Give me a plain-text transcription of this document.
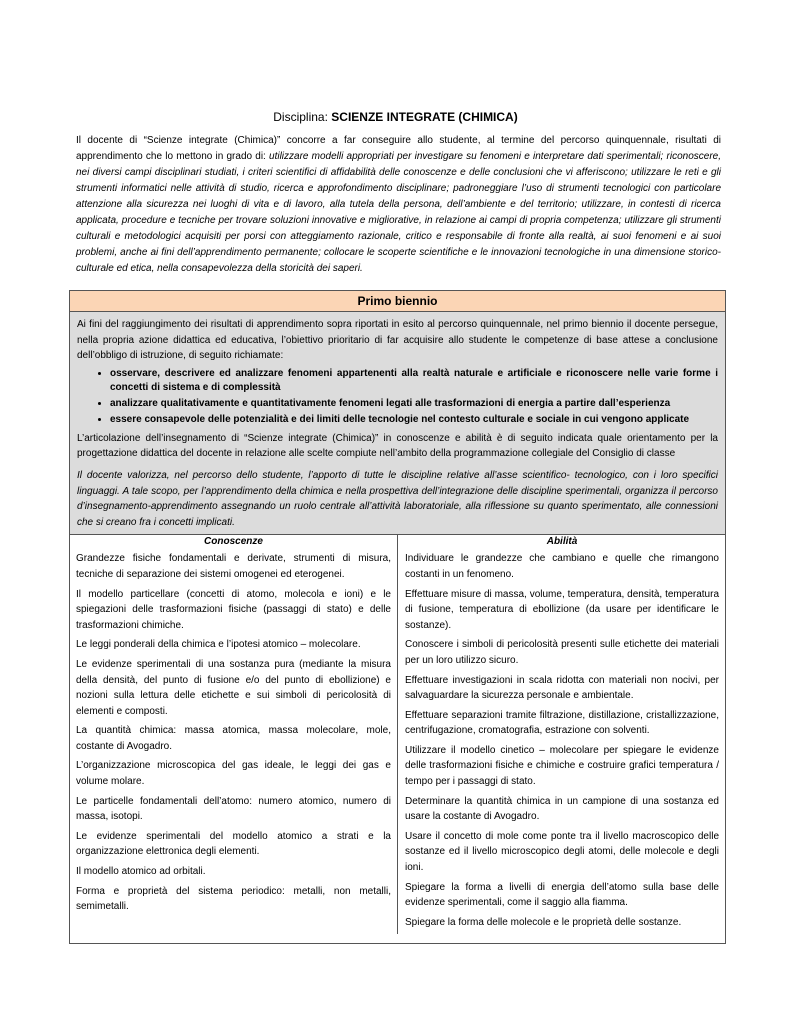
Disciplina: SCIENZE INTEGRATE (CHIMICA)
Il docente di “Scienze integrate (Chimica)” concorre a far conseguire allo studente, al termine del percorso quinquennale, risultati di apprendimento che lo mettono in grado di: utilizzare modelli appropriati per investigare su fenomeni e interpretare dati sperimentali; riconoscere, nei diversi campi disciplinari studiati, i criteri scientifici di affidabilità delle conoscenze e delle conclusioni che vi afferiscono; utilizzare le reti e gli strumenti informatici nelle attività di studio, ricerca e approfondimento disciplinare; padroneggiare l’uso di strumenti tecnologici con particolare attenzione alla sicurezza nei luoghi di vita e di lavoro, alla tutela della persona, dell’ambiente e del territorio; utilizzare, in contesti di ricerca applicata, procedure e tecniche per trovare soluzioni innovative e migliorative, in relazione ai campi di propria competenza; utilizzare gli strumenti culturali e metodologici acquisiti per porsi con atteggiamento razionale, critico e responsabile di fronte alla realtà, ai suoi fenomeni e ai suoi problemi, anche ai fini dell’apprendimento permanente; collocare le scoperte scientifiche e le innovazioni tecnologiche in una dimensione storico-culturale ed etica, nella consapevolezza della storicità dei saperi.
Primo biennio

Ai fini del raggiungimento dei risultati di apprendimento sopra riportati in esito al percorso quinquennale, nel primo biennio il docente persegue, nella propria azione didattica ed educativa, l’obiettivo prioritario di far acquisire allo studente le competenze di base attese a conclusione dell’obbligo di istruzione, di seguito richiamate:

• osservare, descrivere ed analizzare fenomeni appartenenti alla realtà naturale e artificiale e riconoscere nelle varie forme i concetti di sistema e di complessità
• analizzare qualitativamente e quantitativamente fenomeni legati alle trasformazioni di energia a partire dall’esperienza
• essere consapevole delle potenzialità e dei limiti delle tecnologie nel contesto culturale e sociale in cui vengono applicate

L’articolazione dell’insegnamento di “Scienze integrate (Chimica)” in conoscenze e abilità è di seguito indicata quale orientamento per la progettazione didattica del docente in relazione alle scelte compiute nell’ambito della programmazione collegiale del Consiglio di classe

Il docente valorizza, nel percorso dello studente, l’apporto di tutte le discipline relative all’asse scientifico- tecnologico, con i loro specifici linguaggi. A tale scopo, per l’apprendimento della chimica e nella prospettiva dell’integrazione delle discipline sperimentali, organizza il percorso d’insegnamento-apprendimento assegnando un ruolo centrale all’attività laboratoriale, alla riflessione su quanto sperimentato, alle connessioni che si creano fra i concetti implicati.

Conoscenze
Grandezze fisiche fondamentali e derivate, strumenti di misura, tecniche di separazione dei sistemi omogenei ed eterogenei.
Il modello particellare (concetti di atomo, molecola e ioni) e le spiegazioni delle trasformazioni fisiche (passaggi di stato) e delle trasformazioni chimiche.
Le leggi ponderali della chimica e l’ipotesi atomico – molecolare.
Le evidenze sperimentali di una sostanza pura (mediante la misura della densità, del punto di fusione e/o del punto di ebollizione) e nozioni sulla lettura delle etichette e sui simboli di pericolosità di elementi e composti.
La quantità chimica: massa atomica, massa molecolare, mole, costante di Avogadro.
L’organizzazione microscopica del gas ideale, le leggi dei gas e volume molare.
Le particelle fondamentali dell’atomo: numero atomico, numero di massa, isotopi.
Le evidenze sperimentali del modello atomico a strati e la organizzazione elettronica degli elementi.
Il modello atomico ad orbitali.
Forma e proprietà del sistema periodico: metalli, non metalli, semimetalli.
Abilità
Individuare le grandezze che cambiano e quelle che rimangono costanti in un fenomeno.
Effettuare misure di massa, volume, temperatura, densità, temperatura di fusione, temperatura di ebollizione (da usare per identificare le sostanze).
Conoscere i simboli di pericolosità presenti sulle etichette dei materiali per un loro utilizzo sicuro.
Effettuare investigazioni in scala ridotta con materiali non nocivi, per salvaguardare la sicurezza personale e ambientale.
Effettuare separazioni tramite filtrazione, distillazione, cristallizzazione, centrifugazione, cromatografia, estrazione con solventi.
Utilizzare il modello cinetico – molecolare per spiegare le evidenze delle trasformazioni fisiche e chimiche e costruire grafici temperatura / tempo per i passaggi di stato.
Determinare la quantità chimica in un campione di una sostanza ed usare la costante di Avogadro.
Usare il concetto di mole come ponte tra il livello macroscopico delle sostanze ed il livello microscopico degli atomi, delle molecole e degli ioni.
Spiegare la forma a livelli di energia dell’atomo sulla base delle evidenze sperimentali, come il saggio alla fiamma.
Spiegare la forma delle molecole e le proprietà delle sostanze.
